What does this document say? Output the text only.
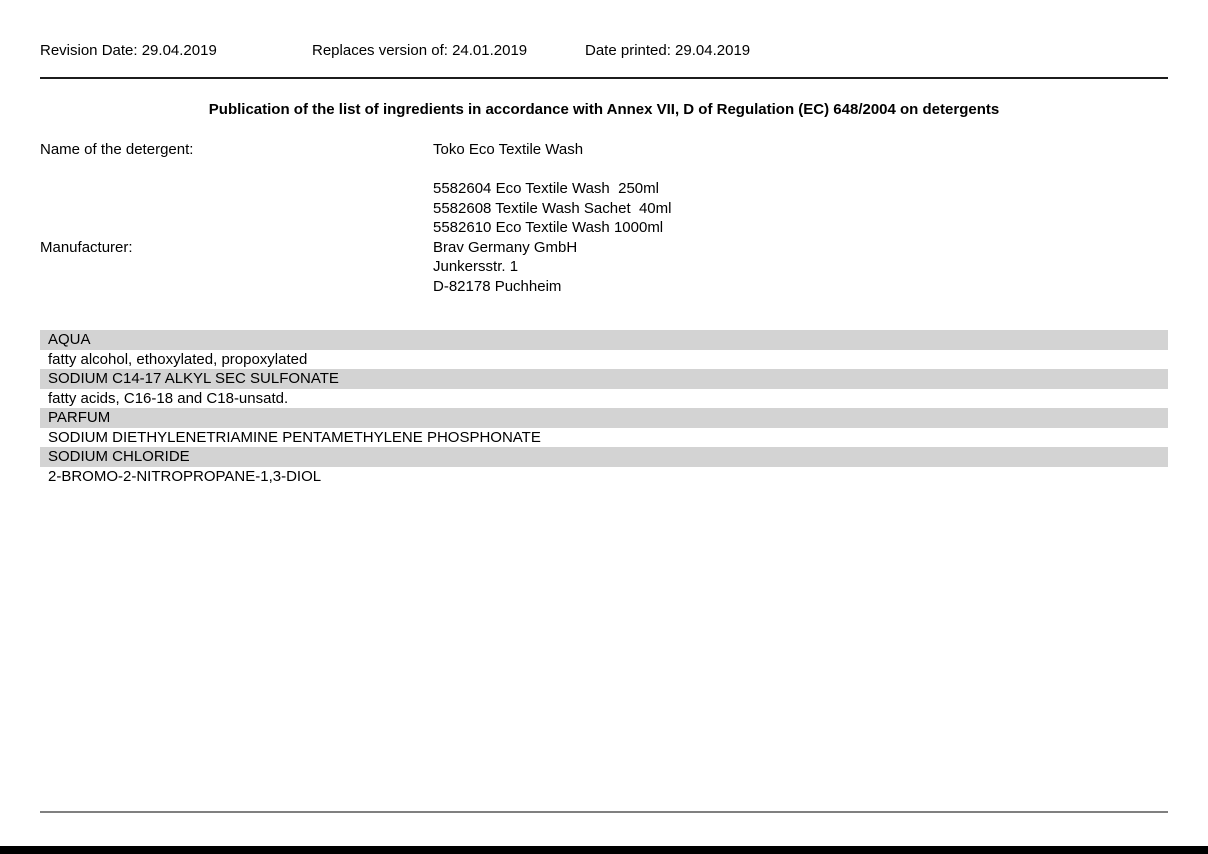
Revision Date: 29.04.2019	Replaces version of: 24.01.2019	Date printed: 29.04.2019
Publication of the list of ingredients in accordance with Annex VII, D of Regulation (EC) 648/2004 on detergents
Name of the detergent:	Toko Eco Textile Wash
5582604 Eco Textile Wash  250ml
5582608 Textile Wash Sachet  40ml
5582610 Eco Textile Wash 1000ml
Manufacturer:	Brav Germany GmbH
Junkersstr. 1
D-82178 Puchheim
AQUA
fatty alcohol, ethoxylated, propoxylated
SODIUM C14-17 ALKYL SEC SULFONATE
fatty acids, C16-18 and C18-unsatd.
PARFUM
SODIUM DIETHYLENETRIAMINE PENTAMETHYLENE PHOSPHONATE
SODIUM CHLORIDE
2-BROMO-2-NITROPROPANE-1,3-DIOL
